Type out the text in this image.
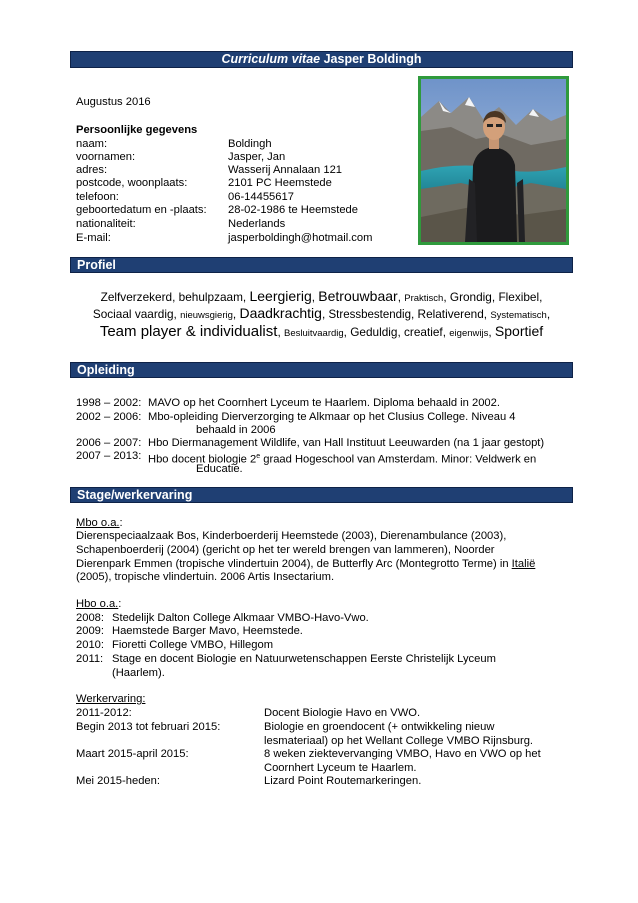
Curriculum vitae Jasper Boldingh
Augustus 2016
Persoonlijke gegevens
naam:	Boldingh
voornamen:	Jasper, Jan
adres:	Wasserij Annalaan 121
postcode, woonplaats:	2101 PC Heemstede
telefoon:	06-14455617
geboortedatum en -plaats: 28-02-1986 te Heemstede
nationaliteit:	Nederlands
E-mail:	jasperboldingh@hotmail.com
Profiel
Zelfverzekerd, behulpzaam, Leergierig, Betrouwbaar, Praktisch, Grondig, Flexibel,
Sociaal vaardig, nieuwsgierig, Daadkrachtig, Stressbestendig, Relativerend, Systematisch,
Team player & individualist, Besluitvaardig, Geduldig, creatief, eigenwijs, Sportief
Opleiding
1998 – 2002: MAVO op het Coornhert Lyceum te Haarlem. Diploma behaald in 2002.
2002 – 2006: Mbo-opleiding Dierverzorging te Alkmaar op het Clusius College. Niveau 4
behaald in 2006
2006 – 2007: Hbo Diermanagement Wildlife, van Hall Instituut Leeuwarden (na 1 jaar gestopt)
2007 – 2013: Hbo docent biologie 2e graad Hogeschool van Amsterdam. Minor: Veldwerk en
Educatie.
Stage/werkervaring
Mbo o.a.:
Dierenspeciaalzaak Bos, Kinderboerderij Heemstede (2003), Dierenambulance (2003),
Schapenboerderij (2004) (gericht op het ter wereld brengen van lammeren), Noorder
Dierenpark Emmen (tropische vlindertuin 2004), de Butterfly Arc (Montegrotto Terme) in Italië
(2005), tropische vlindertuin. 2006 Artis Insectarium.
Hbo o.a.:
2008: Stedelijk Dalton College Alkmaar VMBO-Havo-Vwo.
2009: Haemstede Barger Mavo, Heemstede.
2010: Fioretti College VMBO, Hillegom
2011: Stage en docent Biologie en Natuurwetenschappen Eerste Christelijk Lyceum
(Haarlem).
Werkervaring:
2011-2012:	Docent Biologie Havo en VWO.
Begin 2013 tot februari 2015:	Biologie en groendocent (+ ontwikkeling nieuw
lesmateriaal) op het Wellant College VMBO Rijnsburg.
Maart 2015-april 2015:	8 weken ziektevervanging VMBO, Havo en VWO op het
Coornhert Lyceum te Haarlem.
Mei 2015-heden:	Lizard Point Routemarkeringen.
